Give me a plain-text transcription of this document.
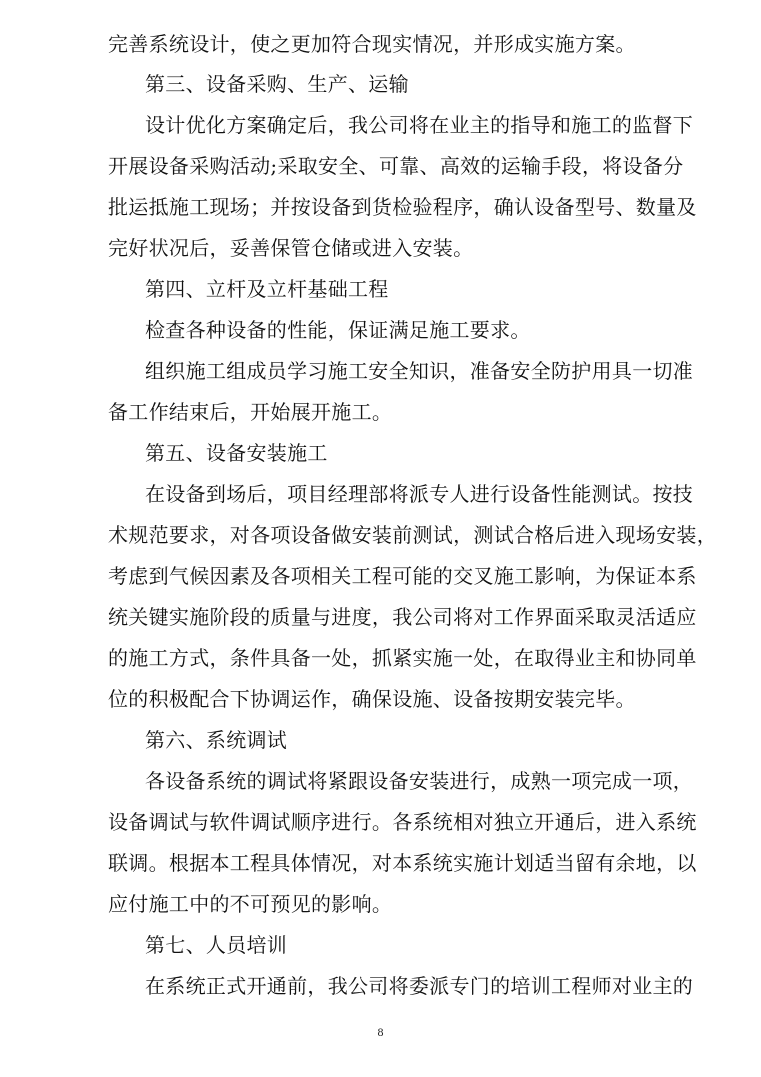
完善系统设计，使之更加符合现实情况，并形成实施方案。
第三、设备采购、生产、运输
设计优化方案确定后，我公司将在业主的指导和施工的监督下
开展设备采购活动;采取安全、可靠、高效的运输手段，将设备分
批运抵施工现场；并按设备到货检验程序，确认设备型号、数量及
完好状况后，妥善保管仓储或进入安装。
第四、立杆及立杆基础工程
检查各种设备的性能，保证满足施工要求。
组织施工组成员学习施工安全知识，准备安全防护用具一切准
备工作结束后，开始展开施工。
第五、设备安装施工
在设备到场后，项目经理部将派专人进行设备性能测试。按技
术规范要求，对各项设备做安装前测试，测试合格后进入现场安装，
考虑到气候因素及各项相关工程可能的交叉施工影响，为保证本系
统关键实施阶段的质量与进度，我公司将对工作界面采取灵活适应
的施工方式，条件具备一处，抓紧实施一处，在取得业主和协同单
位的积极配合下协调运作，确保设施、设备按期安装完毕。
第六、系统调试
各设备系统的调试将紧跟设备安装进行，成熟一项完成一项，
设备调试与软件调试顺序进行。各系统相对独立开通后，进入系统
联调。根据本工程具体情况，对本系统实施计划适当留有余地，以
应付施工中的不可预见的影响。
第七、人员培训
在系统正式开通前，我公司将委派专门的培训工程师对业主的
8
